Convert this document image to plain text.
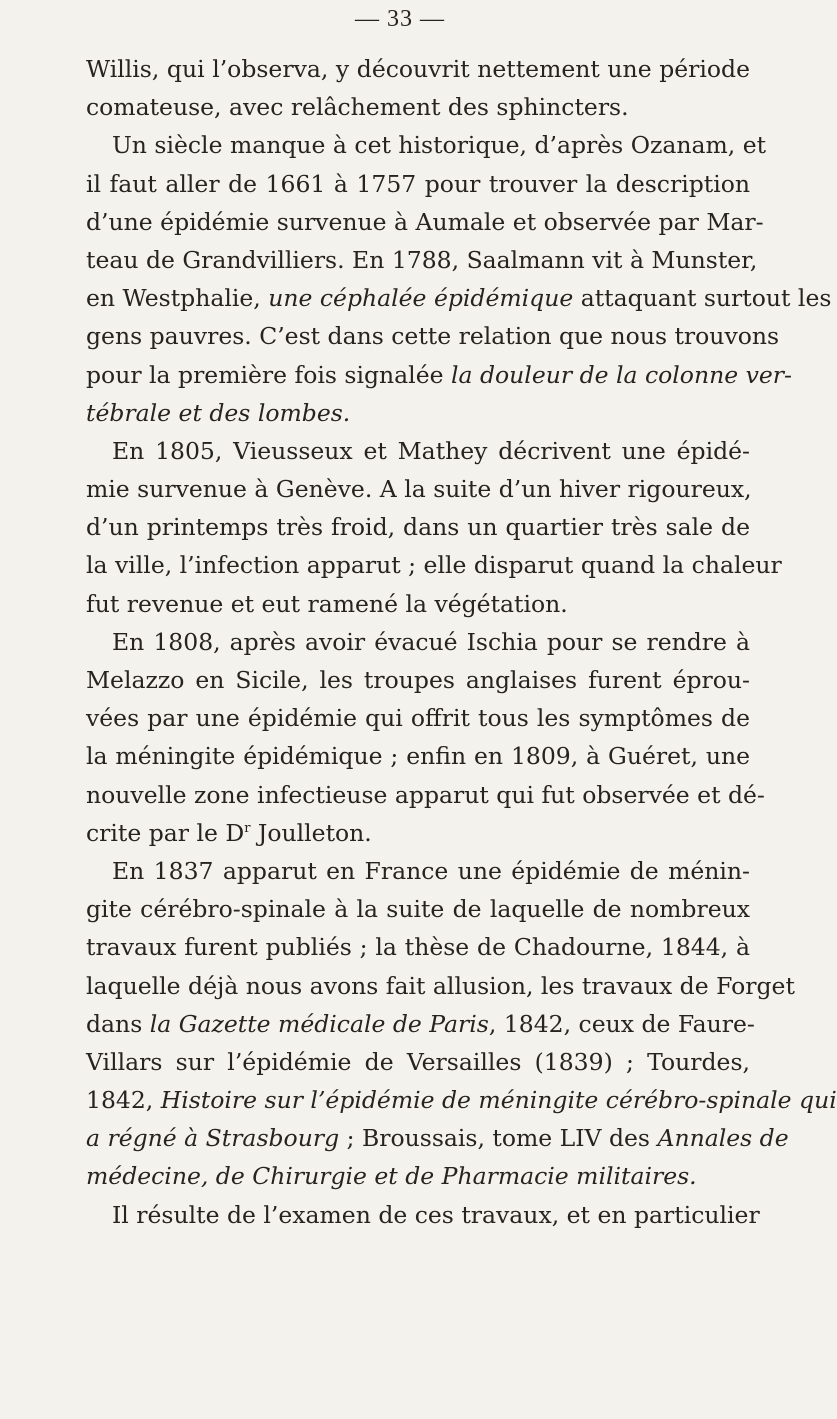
— 33 —
Willis, qui l’observa, y découvrit nettement une période
comateuse, avec relâchement des sphincters.
Un siècle manque à cet historique, d’après Ozanam, et
il faut aller de 1661 à 1757 pour trouver la description
d’une épidémie survenue à Aumale et observée par Mar-
teau de Grandvilliers. En 1788, Saalmann vit à Munster,
en Westphalie, une céphalée épidémique attaquant surtout les
gens pauvres. C’est dans cette relation que nous trouvons
pour la première fois signalée la douleur de la colonne ver-
tébrale et des lombes.
En 1805, Vieusseux et Mathey décrivent une épidé-
mie survenue à Genève. A la suite d’un hiver rigoureux,
d’un printemps très froid, dans un quartier très sale de
la ville, l’infection apparut ; elle disparut quand la chaleur
fut revenue et eut ramené la végétation.
En 1808, après avoir évacué Ischia pour se rendre à
Melazzo en Sicile, les troupes anglaises furent éprou-
vées par une épidémie qui offrit tous les symptômes de
la méningite épidémique ; enfin en 1809, à Guéret, une
nouvelle zone infectieuse apparut qui fut observée et dé-
crite par le $D^r$ Joulleton.
En 1837 apparut en France une épidémie de ménin-
gite cérébro-spinale à la suite de laquelle de nombreux
travaux furent publiés ; la thèse de Chadourne, 1844, à
laquelle déjà nous avons fait allusion, les travaux de Forget
dans la Gazette médicale de Paris, 1842, ceux de Faure-
Villars sur l’épidémie de Versailles (1839) ; Tourdes,
1842, Histoire sur l’épidémie de méningite cérébro-spinale qui
a régné à Strasbourg ; Broussais, tome LIV des Annales de
médecine, de Chirurgie et de Pharmacie militaires.
Il résulte de l’examen de ces travaux, et en particulier
